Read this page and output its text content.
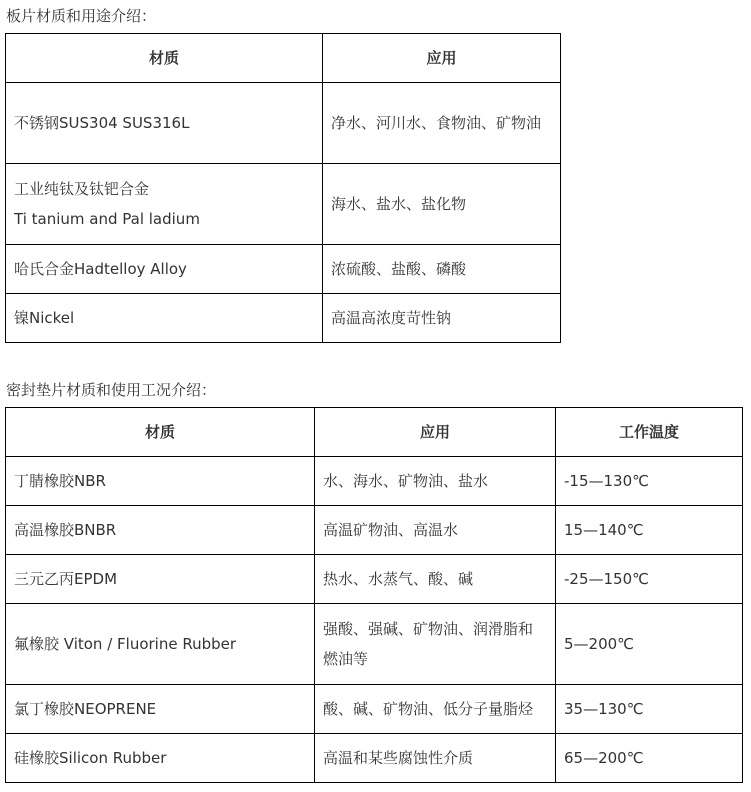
板片材质和用途介绍：
材质	应用
不锈钢SUS304 SUS316L	净水、河川水、食物油、矿物油

工业纯钛及钛钯合金
Ti tanium and Pal ladium	海水、盐水、盐化物
哈氏合金Hadtelloy Alloy	浓硫酸、盐酸、磷酸
镍Nickel	高温高浓度苛性钠
密封垫片材质和使用工况介绍：
材质	应用	工作温度
丁腈橡胶NBR	水、海水、矿物油、盐水	-15—130℃
高温橡胶BNBR	高温矿物油、高温水	15—140℃
三元乙丙EPDM	热水、水蒸气、酸、碱	-25—150℃
氟橡胶 Viton / Fluorine Rubber	强酸、强碱、矿物油、润滑脂和燃油等	5—200℃
氯丁橡胶NEOPRENE	酸、碱、矿物油、低分子量脂烃	35—130℃
硅橡胶Silicon Rubber	高温和某些腐蚀性介质	65—200℃
